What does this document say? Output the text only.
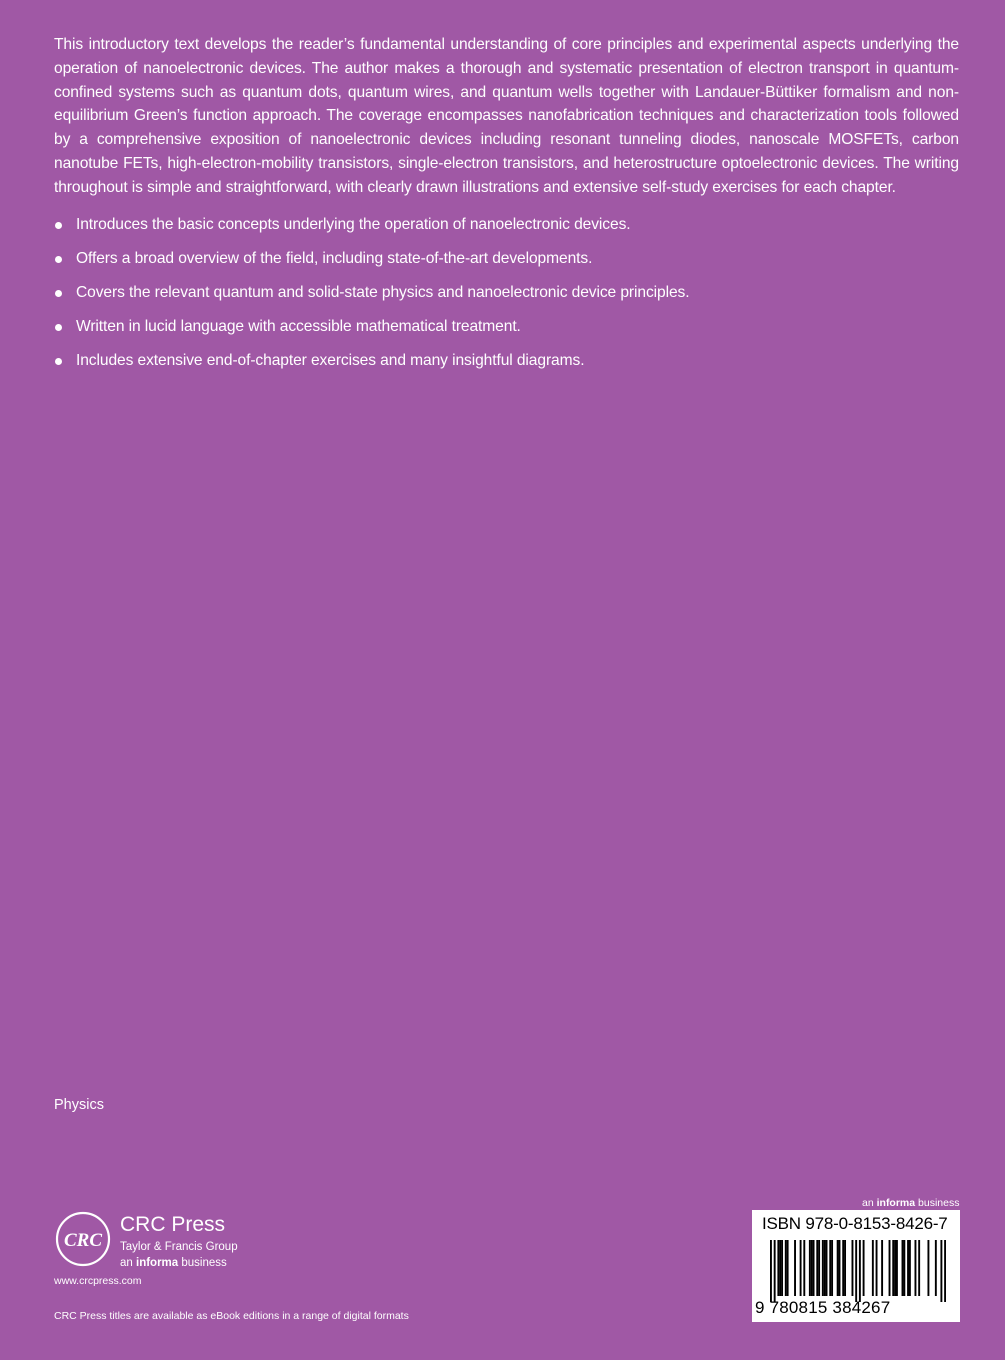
This introductory text develops the reader’s fundamental understanding of core principles and experimental aspects underlying the operation of nanoelectronic devices. The author makes a thorough and systematic presentation of electron transport in quantum-confined systems such as quantum dots, quantum wires, and quantum wells together with Landauer-Büttiker formalism and non-equilibrium Green’s function approach. The coverage encompasses nanofabrication techniques and characterization tools followed by a comprehensive exposition of nanoelectronic devices including resonant tunneling diodes, nanoscale MOSFETs, carbon nanotube FETs, high-electron-mobility transistors, single-electron transistors, and heterostructure optoelectronic devices. The writing throughout is simple and straightforward, with clearly drawn illustrations and extensive self-study exercises for each chapter.

Introduces the basic concepts underlying the operation of nanoelectronic devices.
Offers a broad overview of the field, including state-of-the-art developments.
Covers the relevant quantum and solid-state physics and nanoelectronic device principles.
Written in lucid language with accessible mathematical treatment.
Includes extensive end-of-chapter exercises and many insightful diagrams.
Physics
CRC
CRC Press
Taylor & Francis Group
an informa business
www.crcpress.com
CRC Press titles are available as eBook editions in a range of digital formats
an informa business
ISBN 978-0-8153-8426-7
9 780815 384267
